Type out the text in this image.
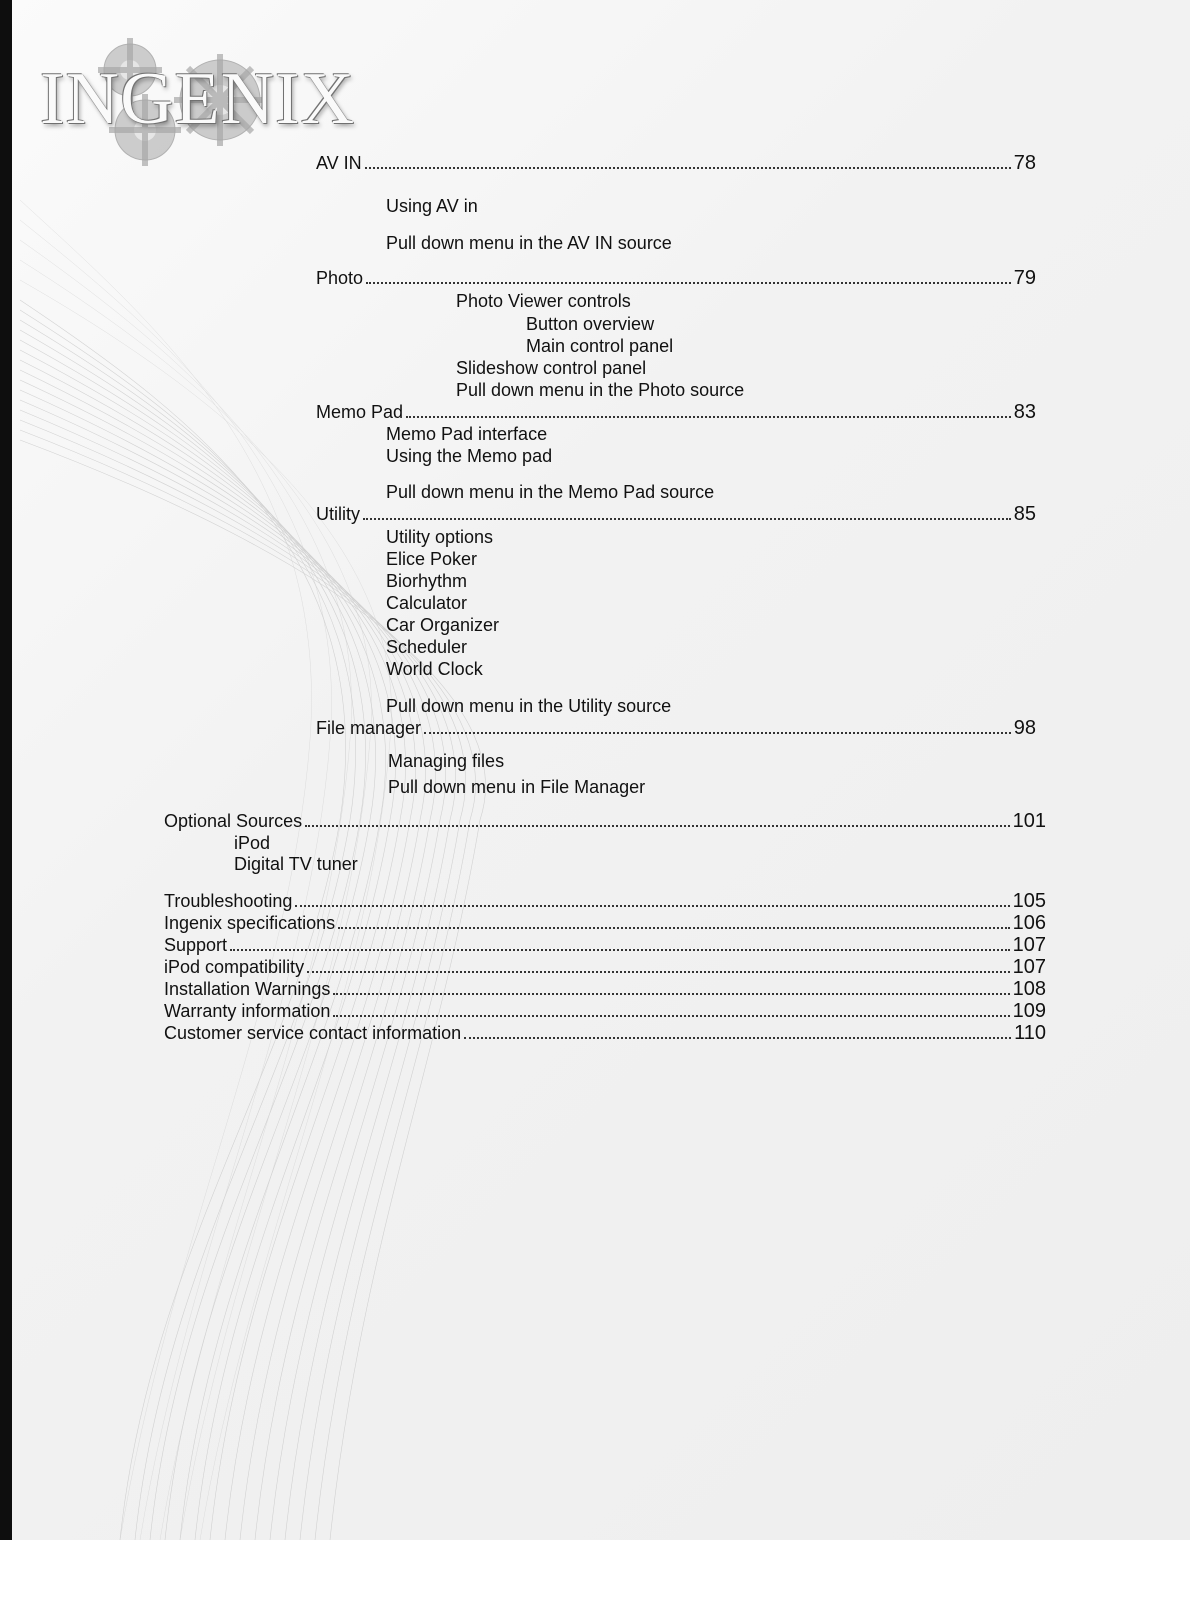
INGENIX
AV IN	78
Using AV in
Pull down menu in the AV IN source
Photo	79
Photo Viewer controls
Button overview
Main control panel
Slideshow control panel
Pull down menu in the Photo source
Memo Pad	83
Memo Pad interface
Using the Memo pad
Pull down menu in the Memo Pad source
Utility	85
Utility options
Elice Poker
Biorhythm
Calculator
Car Organizer
Scheduler
World Clock
Pull down menu in the Utility source
File manager	98
Managing files
Pull down menu in File Manager
Optional Sources	101
iPod
Digital TV tuner
Troubleshooting	105
Ingenix specifications	106
Support	107
iPod compatibility	107
Installation Warnings	108
Warranty information	109
Customer service contact information	110
